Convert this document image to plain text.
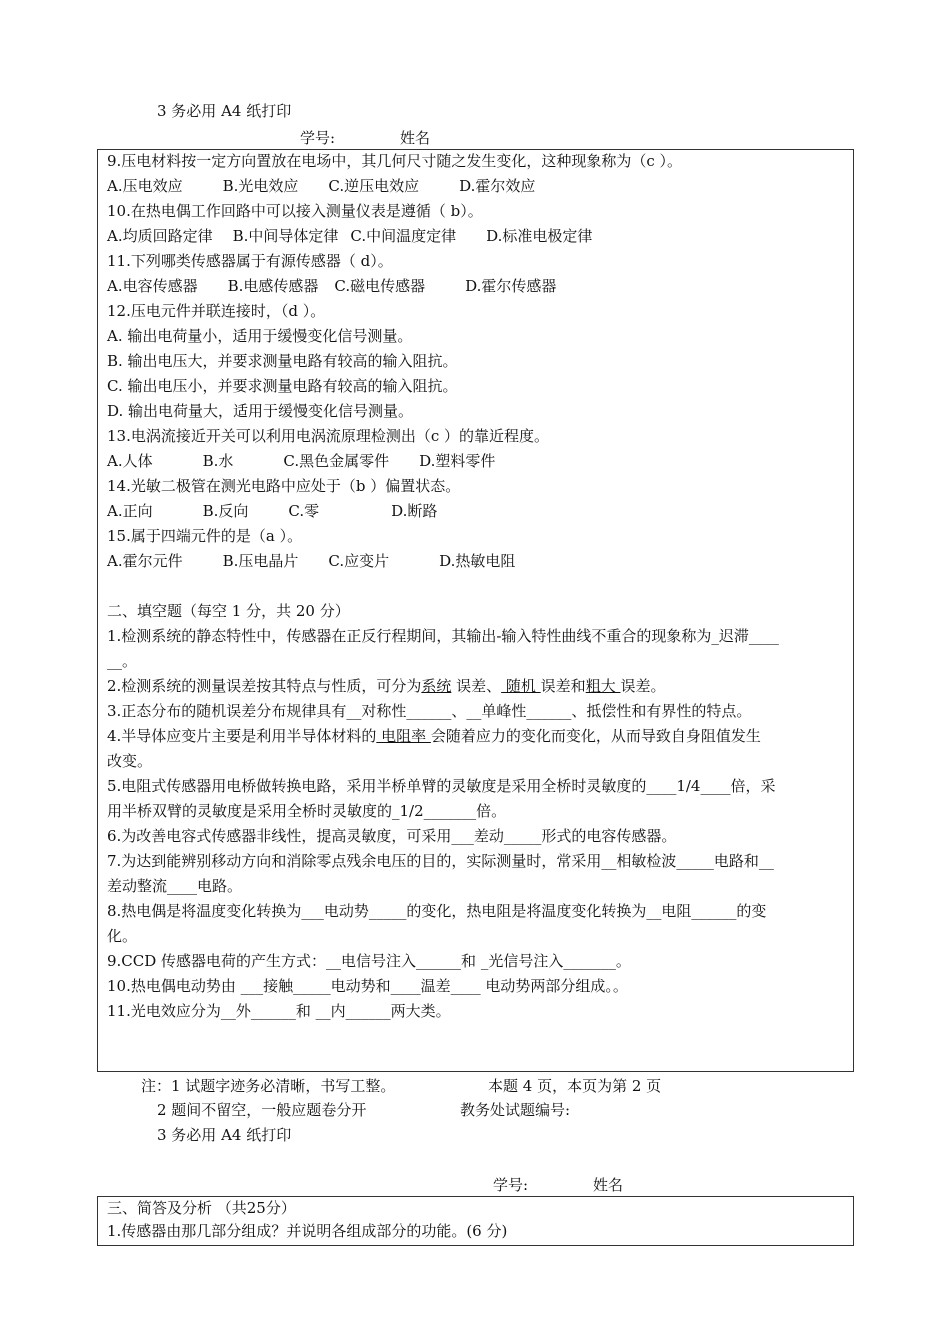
3 务必用 A4 纸打印
学号:	姓名
9.压电材料按一定方向置放在电场中，其几何尺寸随之发生变化，这种现象称为（c ）。
A.压电效应	B.光电效应 C.逆压电效应	D.霍尔效应
10.在热电偶工作回路中可以接入测量仪表是遵循（ b）。
A.均质回路定律 B.中间导体定律 C.中间温度定律 D.标准电极定律
11.下列哪类传感器属于有源传感器（ d）。
A.电容传感器 B.电感传感器 C.磁电传感器	D.霍尔传感器
12.压电元件并联连接时，（d ）。
A. 输出电荷量小，适用于缓慢变化信号测量。
B. 输出电压大，并要求测量电路有较高的输入阻抗。
C. 输出电压小，并要求测量电路有较高的输入阻抗。
D. 输出电荷量大，适用于缓慢变化信号测量。
13.电涡流接近开关可以利用电涡流原理检测出（c ）的靠近程度。
A.人体	B.水	C.黑色金属零件 D.塑料零件
14.光敏二极管在测光电路中应处于（b ）偏置状态。
A.正向	B.反向	C.零	D.断路
15.属于四端元件的是（a ）。
A.霍尔元件	B.压电晶片 C.应变片	D.热敏电阻
二、填空题（每空 1 分，共 20 分）
1.检测系统的静态特性中，传感器在正反行程期间，其输出-输入特性曲线不重合的现象称为_迟滞____
__。
2.检测系统的测量误差按其特点与性质，可分为系统 误差、 随机 误差和粗大 误差。
3.正态分布的随机误差分布规律具有__对称性______、__单峰性______、抵偿性和有界性的特点。
4.半导体应变片主要是利用半导体材料的 电阻率 会随着应力的变化而变化，从而导致自身阻值发生
改变。
5.电阻式传感器用电桥做转换电路，采用半桥单臂的灵敏度是采用全桥时灵敏度的____1/4____倍，采
用半桥双臂的灵敏度是采用全桥时灵敏度的_1/2_______倍。
6.为改善电容式传感器非线性，提高灵敏度，可采用___差动_____形式的电容传感器。
7.为达到能辨别移动方向和消除零点残余电压的目的，实际测量时，常采用__相敏检波_____电路和__
差动整流____电路。
8.热电偶是将温度变化转换为___电动势_____的变化，热电阻是将温度变化转换为__电阻______的变
化。
9.CCD 传感器电荷的产生方式：__电信号注入______和 _光信号注入_______。
10.热电偶电动势由 ___接触_____电动势和____温差____ 电动势两部分组成。。
11.光电效应分为__外______和 __内______两大类。
注：1 试题字迹务必清晰，书写工整。	本题 4 页，本页为第 2 页
2 题间不留空，一般应题卷分开	教务处试题编号:
3 务必用 A4 纸打印
学号:	姓名
三、简答及分析 （共25分）
1.传感器由那几部分组成？并说明各组成部分的功能。(6 分)
